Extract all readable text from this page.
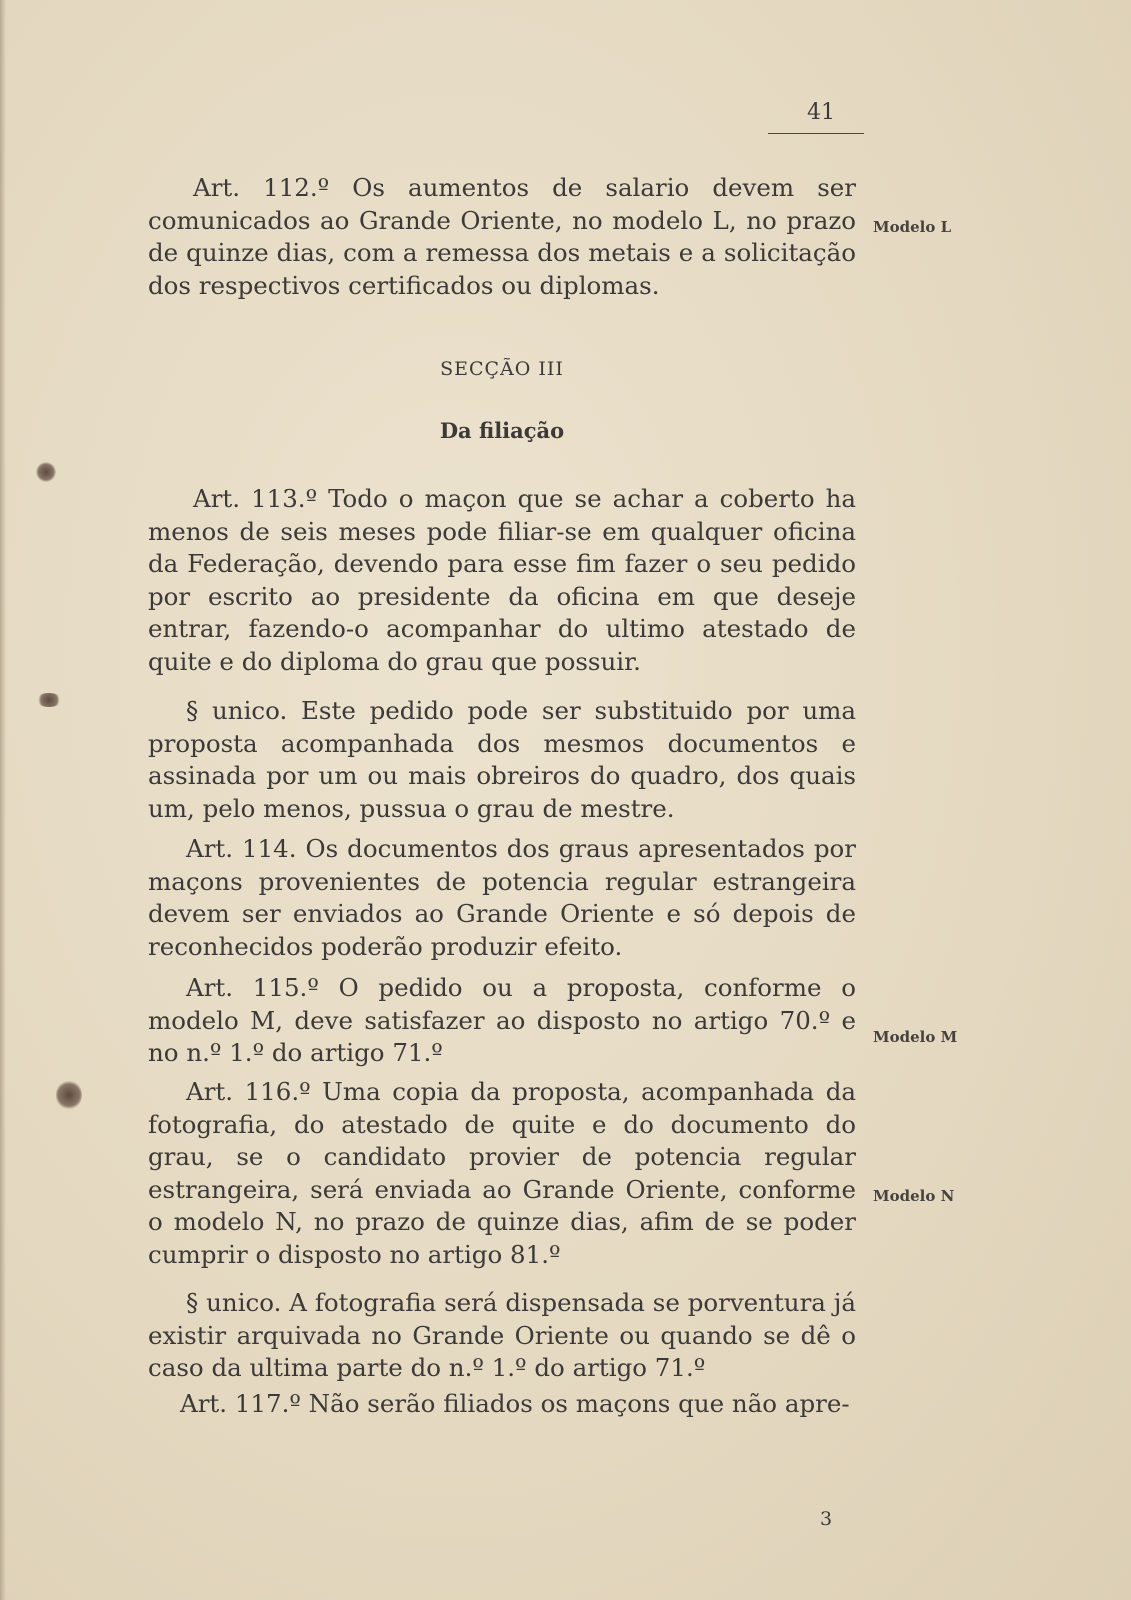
41

Art. 112.º Os aumentos de salario devem ser comunicados ao Grande Oriente, no modelo L, no prazo de quinze dias, com a remessa dos metais e a solicitação dos respectivos certificados ou diplomas.

SECÇÃO III
Da filiação

Art. 113.º Todo o maçon que se achar a coberto ha menos de seis meses pode filiar-se em qualquer oficina da Federação, devendo para esse fim fazer o seu pedido por escrito ao presidente da oficina em que deseje entrar, fazendo-o acompanhar do ultimo atestado de quite e do diploma do grau que possuir.

§ unico. Este pedido pode ser substituido por uma proposta acompanhada dos mesmos documentos e assinada por um ou mais obreiros do quadro, dos quais um, pelo menos, pussua o grau de mestre.

Art. 114. Os documentos dos graus apresentados por maçons provenientes de potencia regular estrangeira devem ser enviados ao Grande Oriente e só depois de reconhecidos poderão produzir efeito.

Art. 115.º O pedido ou a proposta, conforme o modelo M, deve satisfazer ao disposto no artigo 70.º e no n.º 1.º do artigo 71.º

Art. 116.º Uma copia da proposta, acompanhada da fotografia, do atestado de quite e do documento do grau, se o candidato provier de potencia regular estrangeira, será enviada ao Grande Oriente, conforme o modelo N, no prazo de quinze dias, afim de se poder cumprir o disposto no artigo 81.º

§ unico. A fotografia será dispensada se porventura já existir arquivada no Grande Oriente ou quando se dê o caso da ultima parte do n.º 1.º do artigo 71.º

Art. 117.º Não serão filiados os maçons que não apre-

Modelo L
Modelo M
Modelo N
3
